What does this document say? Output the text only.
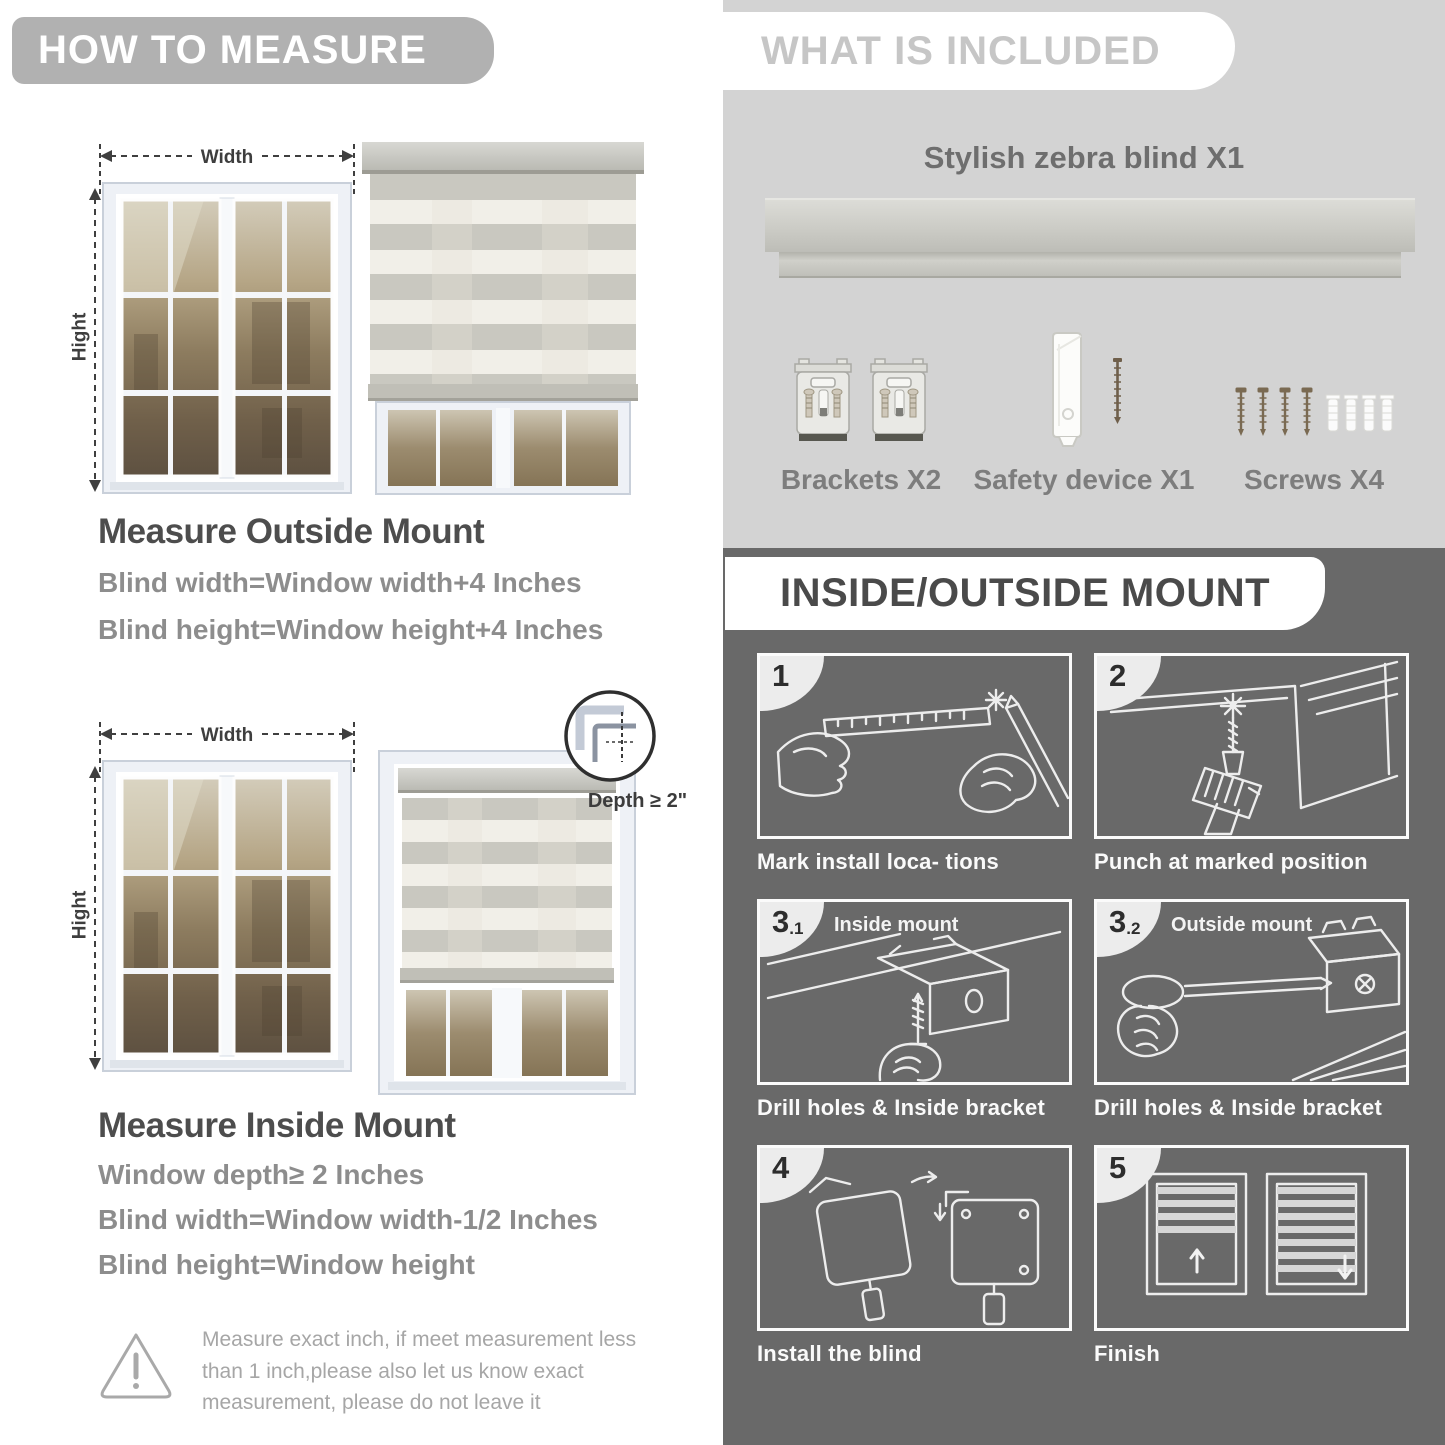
HOW TO MEASURE
Width
Hight
Measure Outside Mount

Blind width=Window width+4 Inches

Blind height=Window height+4 Inches

Width
Hight
Depth ≥ 2"
Measure Inside Mount

Window depth≥ 2 Inches

Blind width=Window width-1/2 Inches

Blind height=Window height

Measure exact inch, if meet measurement less than 1 inch,please also let us know exact measurement, please do not leave it

WHAT IS INCLUDED
Stylish zebra blind X1
Brackets X2 Safety device X1 Screws X4
INSIDE/OUTSIDE MOUNT
1
Mark install loca- tions
2
Punch at marked position
3 .1 Inside mount
Drill holes & Inside bracket
3 .2 Outside mount
Drill holes & Inside bracket
4
Install the blind
5
Finish
